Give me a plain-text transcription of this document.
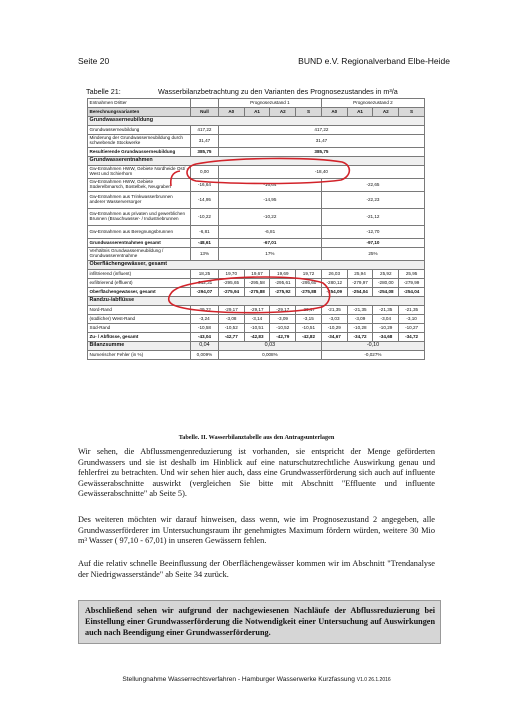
Seite 20	BUND e.V. Regionalverband Elbe-Heide
Tabelle 21:	Wasserbilanzbetrachtung zu den Varianten des Prognosezustandes in m³/a
Entnahmen Dritter		Prognosezustand 1				Prognosezustand 2			
Berechnungsvarianten	Null	A0	A1	A2	S	A0	A1	A2	S
Grundwasserneubildung									
Grundwasserneubildung	417,22	417,22							
Minderung der Grundwasserneubildung durch schwebende Stockwerke	31,47	31,47							
Resultierende Grundwasserneubildung	385,75	385,75							
Grundwasserentnahmen									
Gw-Entnahmen HWW, Gebiete Nordheide Ost/ - West und Schierhorn	0,00	-18,40							
Gw-Entnahmen HWW, Gebiete Süderelbmarsch, Bostelbek, Neugraben	-16,64	-16,64				-22,65			
Gw-Entnahmen aus Trinkwasserbrunnen anderer Wasserversorger	-14,95	-14,95				-22,23			
Gw-Entnahmen aus privaten und gewerblichen Brunnen (Brauchwasser- / Industriebrunnen	-10,22	-10,22				-21,12			
Gw-Entnahmen aus Beregnungsbrunnen	-6,81	-6,81				-12,70			
Grundwasserentnahmen gesamt	-48,61	-67,01				-97,10			
Verhältnis Grundwasserneubildung / Grundwasserentnahme	13%	17%				25%			
Oberflächengewässer, gesamt									
infiltrierend (influent)	18,25	19,70	19,67	19,69	19,72	26,03	25,94	25,92	25,95
exfiltrierend (effluent)	-312,31	-295,65	-295,58	-295,61	-295,60	-280,12	-279,97	-280,00	-279,99
Oberflächengewässer, gesamt	-294,07	-275,94	-275,88	-275,92	-275,88	-254,09	-254,04	-254,08	-254,04
Randzu-/abflüsse									
Nord-Rand	-29,22	-29,17	-29,17	-29,17	-29,17	-21,35	-21,35	-21,35	-21,35
(südlicher) West-Rand	-3,24	-3,08	-3,14	-3,09	-3,15	-3,03	-3,09	-3,04	-3,10
Süd-Rand	-10,58	-10,52	-10,51	-10,52	-10,51	-10,29	-10,28	-10,29	-10,27
Zu- / Abflüsse, gesamt	-43,04	-42,77	-42,83	-42,79	-42,82	-34,67	-34,72	-34,68	-34,72
Bilanzsumme	0,04	0,03				-0,10			
Numerischer Fehler (in %)	0,009%	0,008%				-0,027%			
Tabelle. II. Wasserbilanztabelle aus den Antragsunterlagen

Wir sehen, die Abflussmengenreduzierung ist vorhanden, sie entspricht der Menge geförderten Grundwassers und sie ist deshalb im Hinblick auf eine naturschutzrechtliche Auswirkung genau und fehlerfrei zu betrachten. Und wir sehen hier auch, dass eine Grundwasserförderung sich auch auf influente Gewässerabschnitte auswirkt (vergleichen Sie bitte mit Abschnitt "Effluente und influente Gewässerabschnitte" ab Seite 5).

Des weiteren möchten wir darauf hinweisen, dass wenn, wie im Prognosezustand 2 angegeben, alle Grundwasserförderer im Untersuchungsraum ihr genehmigtes Maximum fördern würden, weitere 30 Mio m³ Wasser ( 97,10 - 67,01) in unseren Gewässern fehlen.

Auf die relativ schnelle Beeinflussung der Oberflächengewässer kommen wir im Abschnitt "Trendanalyse der Niedrigwasserstände" ab Seite 34 zurück.

Abschließend sehen wir aufgrund der nachgewiesenen Nachläufe der Abflussreduzierung bei Einstellung einer Grundwasserförderung die Notwendigkeit einer Untersuchung auf Auswirkungen auch nach Beendigung einer Grundwasserförderung.
Stellungnahme Wasserrechtsverfahren - Hamburger Wasserwerke Kurzfassung V1.0 26.1.2016
